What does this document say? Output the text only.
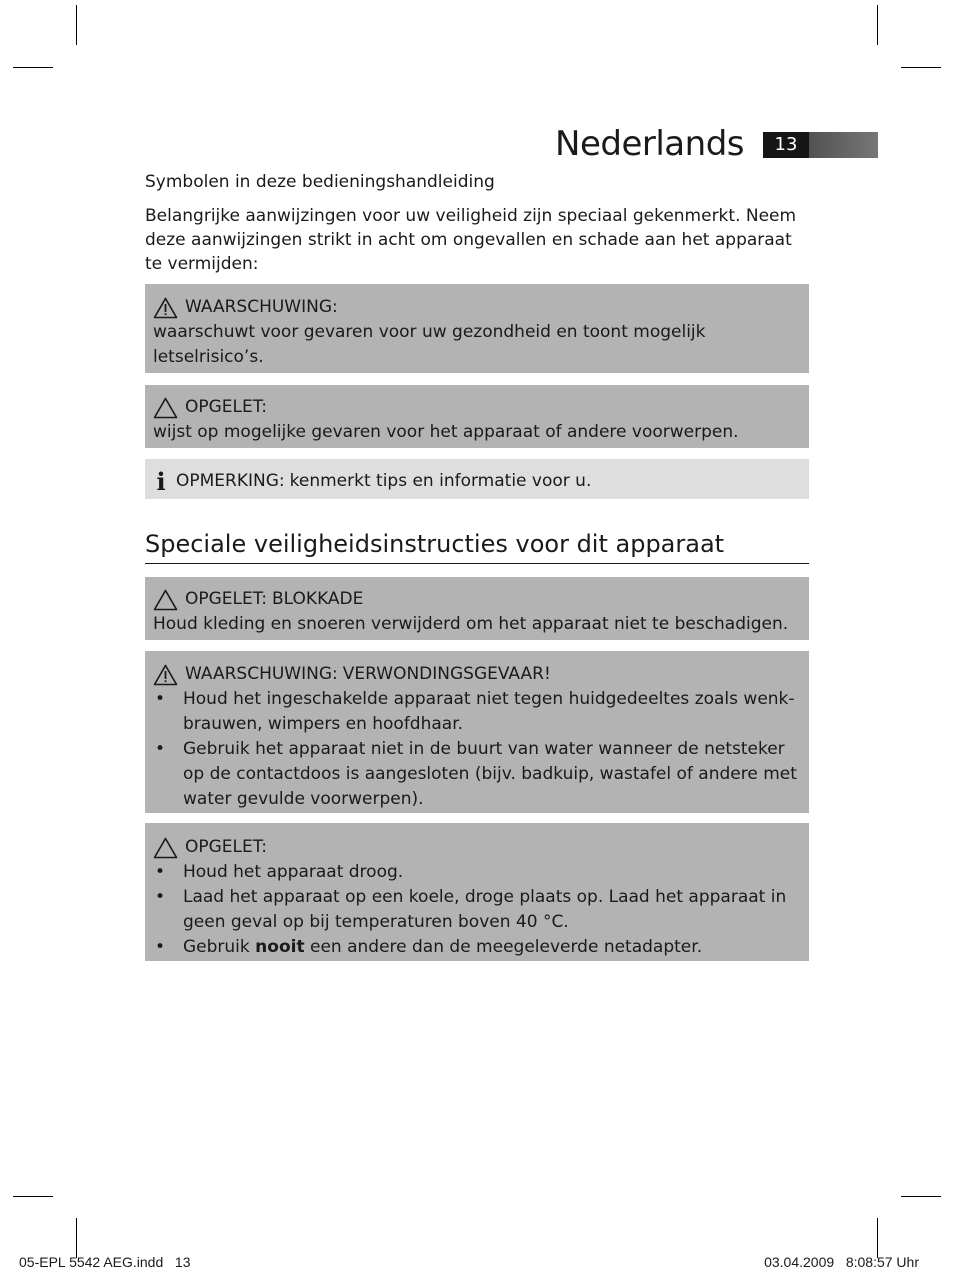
Nederlands	13
Symbolen in deze bedieningshandleiding

Belangrijke aanwijzingen voor uw veiligheid zijn speciaal gekenmerkt. Neem deze aanwijzingen strikt in acht om ongevallen en schade aan het apparaat te vermijden:

WAARSCHUWING:
waarschuwt voor gevaren voor uw gezondheid en toont mogelijk letselrisico’s.
OPGELET:
wijst op mogelijke gevaren voor het apparaat of andere voorwerpen.
i OPMERKING: kenmerkt tips en informatie voor u.
Speciale veiligheidsinstructies voor dit apparaat
OPGELET: BLOKKADE
Houd kleding en snoeren verwijderd om het apparaat niet te beschadigen.
WAARSCHUWING: VERWONDINGSGEVAAR!
• Houd het ingeschakelde apparaat niet tegen huidgedeeltes zoals wenk-brauwen, wimpers en hoofdhaar.
• Gebruik het apparaat niet in de buurt van water wanneer de netsteker op de contactdoos is aangesloten (bijv. badkuip, wastafel of andere met water gevulde voorwerpen).
OPGELET:
• Houd het apparaat droog.
• Laad het apparaat op een koele, droge plaats op. Laad het apparaat in geen geval op bij temperaturen boven 40 °C.
• Gebruik nooit een andere dan de meegeleverde netadapter.
05-EPL 5542 AEG.indd   13	03.04.2009   8:08:57 Uhr
